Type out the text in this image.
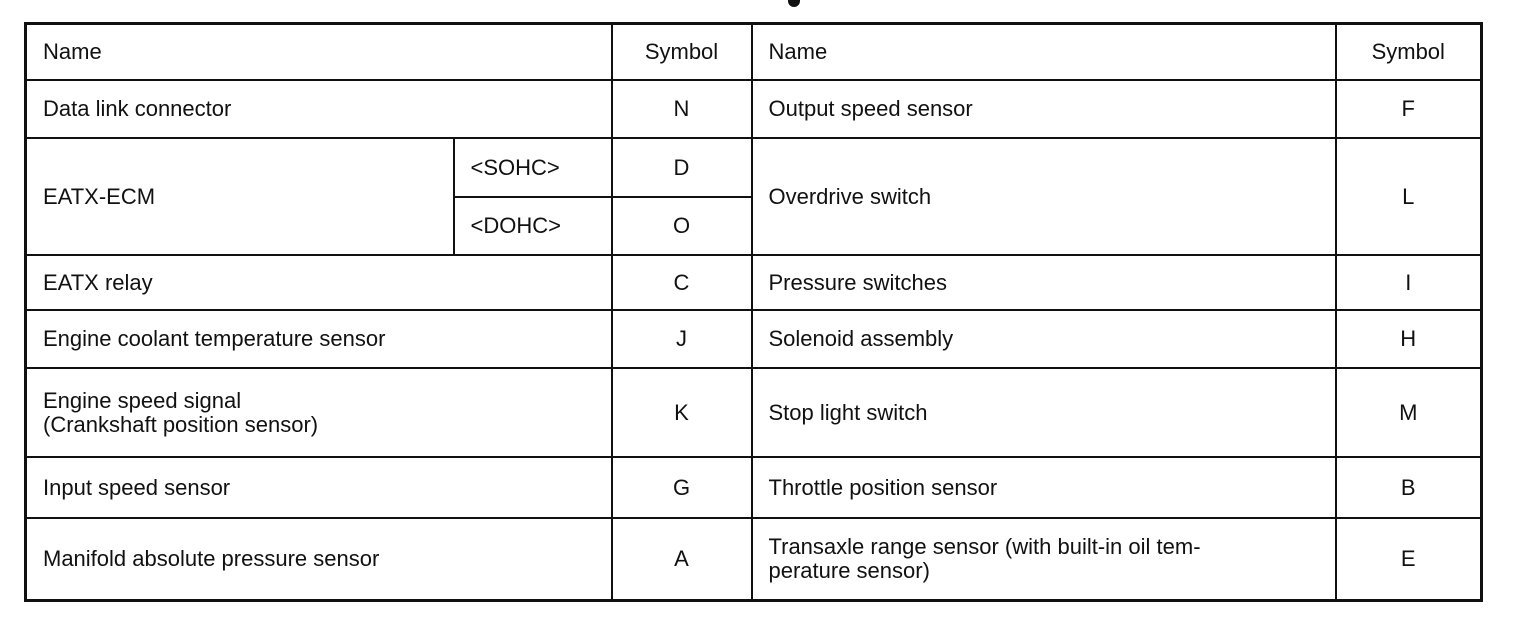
Name		Symbol	Name	Symbol
Data link connector		N	Output speed sensor	F
EATX-ECM	<SOHC>	D	Overdrive switch	L
	<DOHC>	O		
EATX relay		C	Pressure switches	I
Engine coolant temperature sensor		J	Solenoid assembly	H

Engine speed signal
(Crankshaft position sensor)		K	Stop light switch	M
Input speed sensor		G	Throttle position sensor	B
Manifold absolute pressure sensor		A	Transaxle range sensor (with built-in oil tem-
perature sensor)	E
